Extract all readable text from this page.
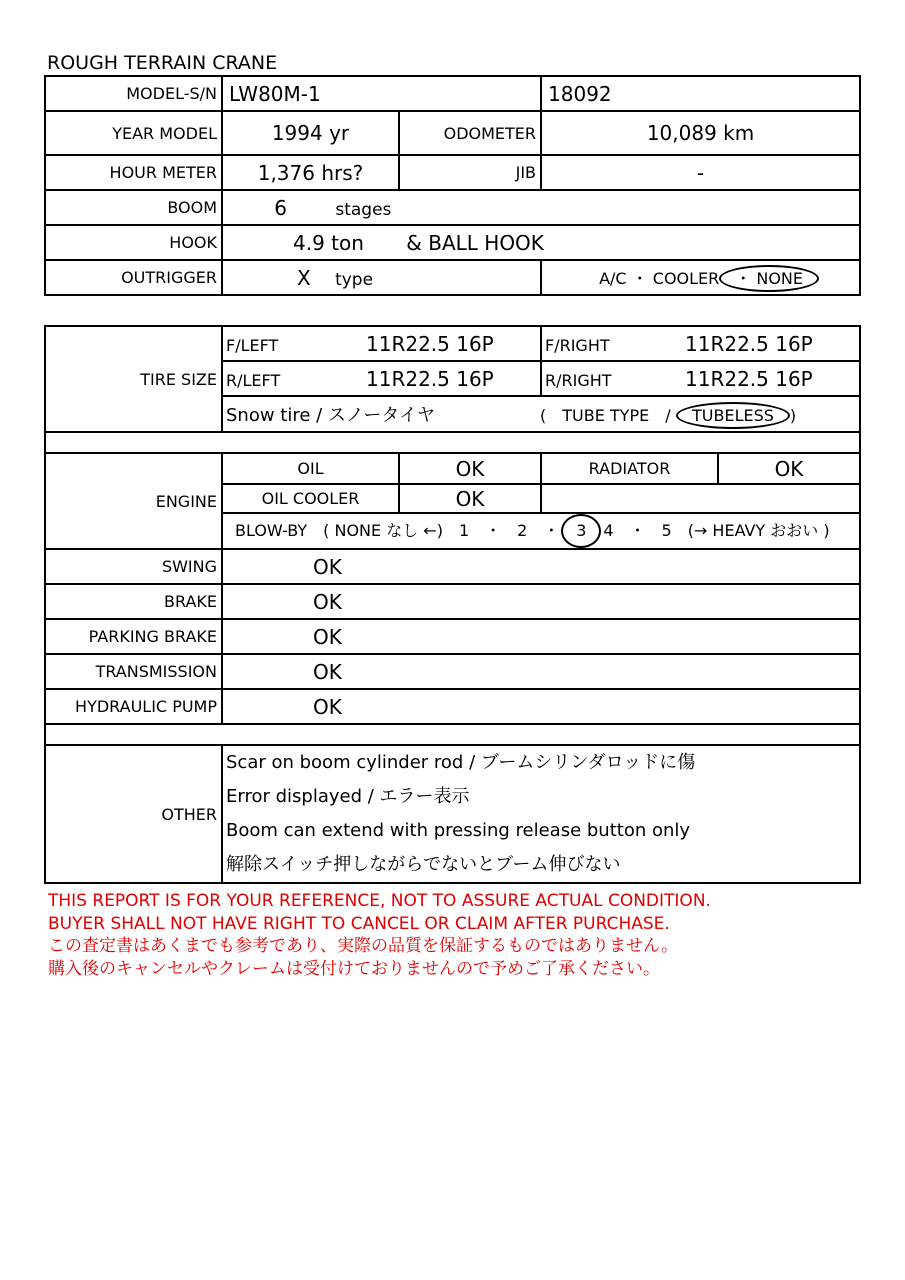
ROUGH TERRAIN CRANE
MODEL-S/N	LW80M-1		18092
YEAR MODEL	1994 yr	ODOMETER	10,089 km
HOUR METER	1,376 hrs?	JIB	-
BOOM	6 stages		
HOOK	4.9 ton & BALL HOOK		
OUTRIGGER	X type		A/C ・ COOLER ・ NONE
TIRE SIZE	F/LEFT 11R22.5 16P		F/RIGHT 11R22.5 16P	
	R/LEFT 11R22.5 16P		R/RIGHT 11R22.5 16P	
	Snow tire / スノータイヤ (　TUBE TYPE　/ TUBELESS )			

ENGINE	OIL	OK	RADIATOR	OK
	OIL COOLER	OK		
	BLOW-BY　( NONE なし ←)　1　・　2　・ 3 4　・　5　(→ HEAVY おおい )			
SWING	OK			
BRAKE	OK			
PARKING BRAKE	OK			
TRANSMISSION	OK			
HYDRAULIC PUMP	OK			

OTHER	Scar on boom cylinder rod / ブームシリンダロッドに傷
Error displayed / エラー表示
Boom can extend with pressing release button only
解除スイッチ押しながらでないとブーム伸びない			
THIS REPORT IS FOR YOUR REFERENCE, NOT TO ASSURE ACTUAL CONDITION.
BUYER SHALL NOT HAVE RIGHT TO CANCEL OR CLAIM AFTER PURCHASE.
この査定書はあくまでも参考であり、実際の品質を保証するものではありません。
購入後のキャンセルやクレームは受付けておりませんので予めご了承ください。
